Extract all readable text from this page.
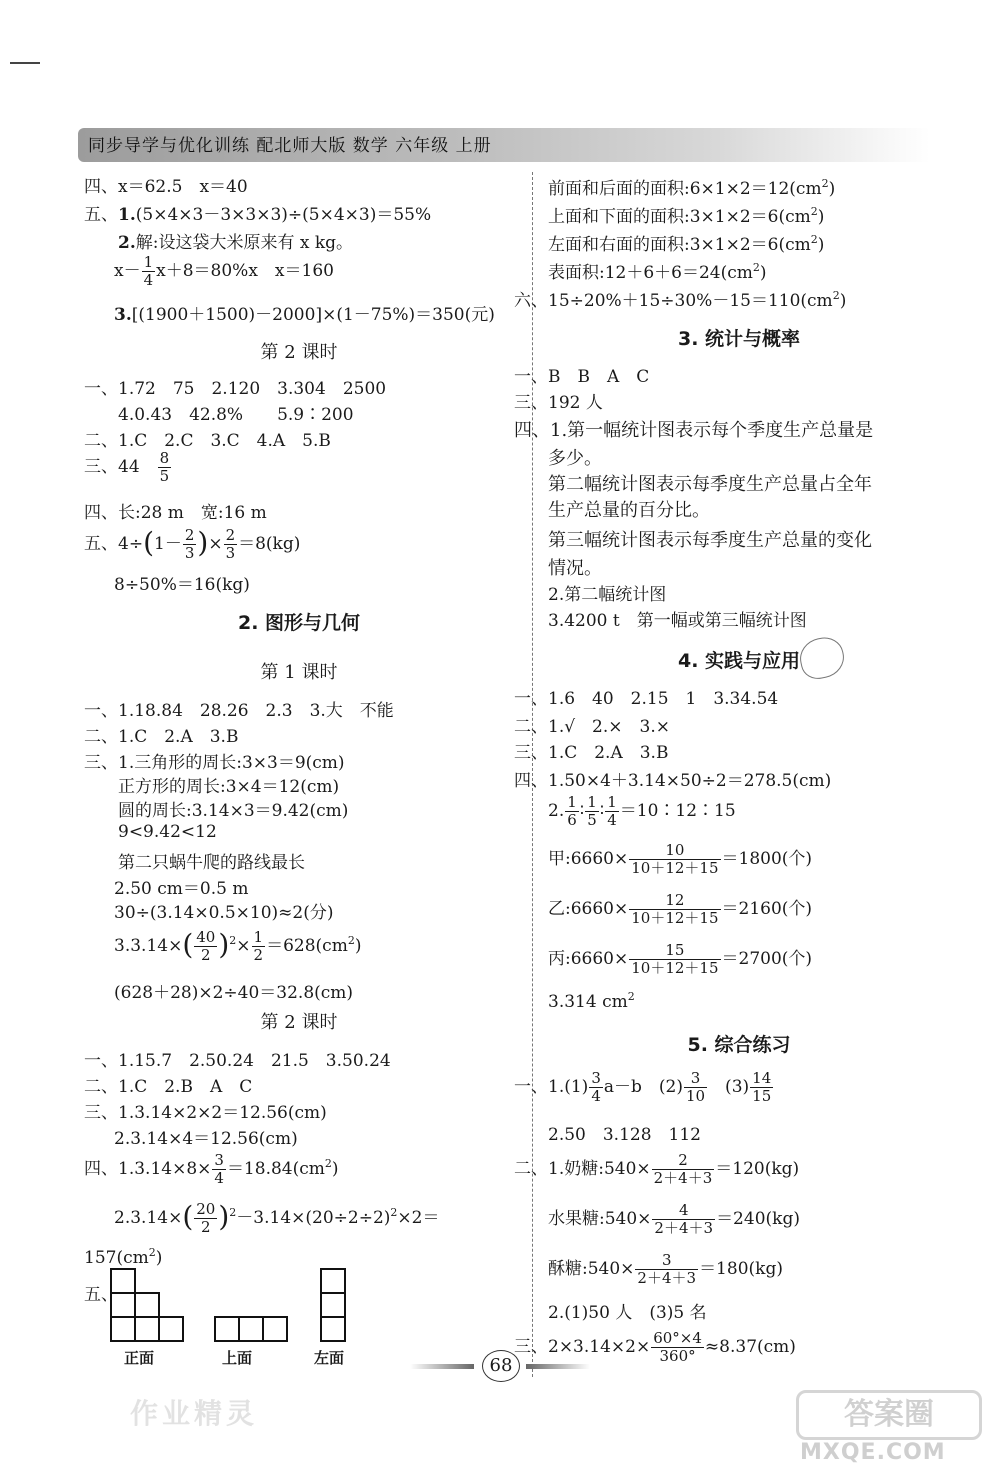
同步导学与优化训练 配北师大版 数学 六年级 上册
四、x＝62.5　x＝40
五、1.(5×4×3－3×3×3)÷(5×4×3)＝55%
2.解:设这袋大米原来有 x kg。
$x- \frac{1}{4} x+8=80\%x$　x＝160
3.[(1900＋1500)－2000]×(1－75%)＝350(元)
第 2 课时
一、1.72　75　2.120　3.304　2500
4.0.43　42.8%　　5.9∶200
二、1.C　2.C　3.C　4.A　5.B
三、44　 $\frac{8}{5}$
四、长:28 m　宽:16 m
五、$4\div(1- \frac{2}{3}$ )× $\frac{2}{3} =8(kg)$
8÷50%＝16(kg)
2. 图形与几何
第 1 课时
一、1.18.84　28.26　2.3　3.大　不能
二、1.C　2.A　3.B
三、1.三角形的周长:3×3＝9(cm)
正方形的周长:3×4＝12(cm)
圆的周长:3.14×3＝9.42(cm)
9<9.42<12
第二只蜗牛爬的路线最长
2.50 cm＝0.5 m
30÷(3.14×0.5×10)≈2(分)
$3.3.14\times( \frac{40}{2} )^2\times \frac{1}{2} =628(cm^2)$
(628＋28)×2÷40＝32.8(cm)
第 2 课时
一、1.15.7　2.50.24　21.5　3.50.24
二、1.C　2.B　A　C
三、1.3.14×2×2＝12.56(cm)
2.3.14×4＝12.56(cm)
四、$1.3.14\times 8\times \frac{3}{4} =18.84(cm^2)$
$2.3.14\times( \frac{20}{2} )^2-3.14\times(20\div 2\div 2)^2\times 2=$
$157(cm^2)$
五、
正面	上面	左面
前面和后面的面积$:6\times 1\times 2=12(cm^2)$
上面和下面的面积$:3\times 1\times 2=6(cm^2)$
左面和右面的面积$:3\times 1\times 2=6(cm^2)$
表面积$:12+6+6=24(cm^2)$
六、$15\div 20\%+15\div 30\%-15=110(cm^2)$
3. 统计与概率
一、B　B　A　C
三、192 人
四、1.第一幅统计图表示每个季度生产总量是
多少。
第二幅统计图表示每季度生产总量占全年
生产总量的百分比。
第三幅统计图表示每季度生产总量的变化
情况。
2.第二幅统计图
3.4200 t　第一幅或第三幅统计图
4. 实践与应用
一、1.6　40　2.15　1　3.34.54
二、1.√　2.×　3.×
三、1.C　2.A　3.B
四、1.50×4＋3.14×50÷2＝278.5(cm)
2. $\frac{1}{6}$ ∶ $\frac{1}{5}$ ∶ $\frac{1}{4}$ ＝10∶12∶15
甲:6660× $\frac{10}{10+12+15} =1800$(个)
乙:6660× $\frac{12}{10+12+15} =2160$(个)
丙:6660× $\frac{15}{10+12+15} =2700$(个)
3.314 $cm^2$
5. 综合练习
一、$1.(1) \frac{3}{4} a-b$　$(2) \frac{3}{10}$ 　$(3) \frac{14}{15}$
2.50　3.128　112
二、1.奶糖:540× $\frac{2}{2+4+3} =120(kg)$
水果糖:540× $\frac{4}{2+4+3} =240(kg)$
酥糖:540× $\frac{3}{2+4+3} =180(kg)$
2.(1)50 人　(3)5 名
三、$2\times 3.14\times 2\times \frac{60^\circ\times 4}{360^\circ} \approx 8.37(cm)$
68
作业精灵	答案圈
MXQE.COM
